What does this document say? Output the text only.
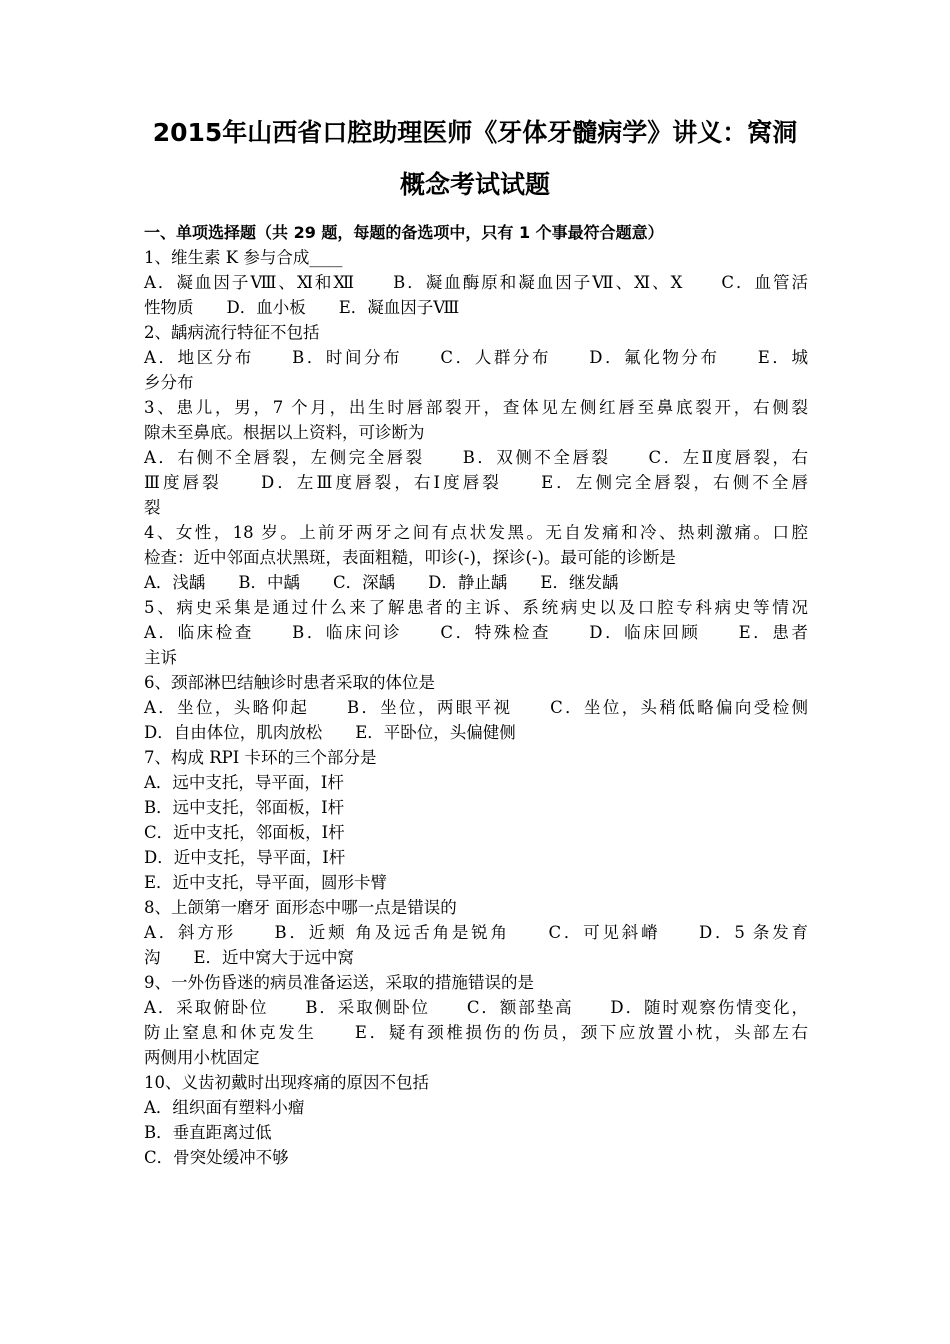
2015年山西省口腔助理医师《牙体牙髓病学》讲义：窝洞
概念考试试题
一、单项选择题（共 29 题，每题的备选项中，只有 1 个事最符合题意）
1、维生素 K 参与合成____
A．凝血因子Ⅷ、Ⅺ和Ⅻ　　B．凝血酶原和凝血因子Ⅶ、Ⅺ、Ⅹ　　C．血管活
性物质　　D．血小板　　E．凝血因子Ⅷ
2、龋病流行特征不包括
A．地区分布　　B．时间分布　　C．人群分布　　D．氟化物分布　　E．城
乡分布
3、患儿，男，7 个月，出生时唇部裂开，查体见左侧红唇至鼻底裂开，右侧裂
隙未至鼻底。根据以上资料，可诊断为
A．右侧不全唇裂，左侧完全唇裂　　B．双侧不全唇裂　　C．左Ⅱ度唇裂，右
Ⅲ度唇裂　　D．左Ⅲ度唇裂，右Ⅰ度唇裂　　E．左侧完全唇裂，右侧不全唇
裂
4、女性，18 岁。上前牙两牙之间有点状发黑。无自发痛和冷、热刺激痛。口腔
检查：近中邻面点状黑斑，表面粗糙，叩诊(-)，探诊(-)。最可能的诊断是
A．浅龋　　B．中龋　　C．深龋　　D．静止龋　　E．继发龋
5、病史采集是通过什么来了解患者的主诉、系统病史以及口腔专科病史等情况
A．临床检查　　B．临床问诊　　C．特殊检查　　D．临床回顾　　E．患者
主诉
6、颈部淋巴结触诊时患者采取的体位是
A．坐位，头略仰起　　B．坐位，两眼平视　　C．坐位，头稍低略偏向受检侧
D．自由体位，肌肉放松　　E．平卧位，头偏健侧
7、构成 RPI 卡环的三个部分是
A．远中支托，导平面，Ⅰ杆
B．远中支托，邻面板，Ⅰ杆
C．近中支托，邻面板，Ⅰ杆
D．近中支托，导平面，Ⅰ杆
E．近中支托，导平面，圆形卡臂
8、上颌第一磨牙 面形态中哪一点是错误的
A．斜方形　　B．近颊 角及远舌角是锐角　　C．可见斜嵴　　D．5 条发育
沟　　E．近中窝大于远中窝
9、一外伤昏迷的病员准备运送，采取的措施错误的是
A．采取俯卧位　　B．采取侧卧位　　C．额部垫高　　D．随时观察伤情变化，
防止窒息和休克发生　　E．疑有颈椎损伤的伤员，颈下应放置小枕，头部左右
两侧用小枕固定
10、义齿初戴时出现疼痛的原因不包括
A．组织面有塑料小瘤
B．垂直距离过低
C．骨突处缓冲不够
